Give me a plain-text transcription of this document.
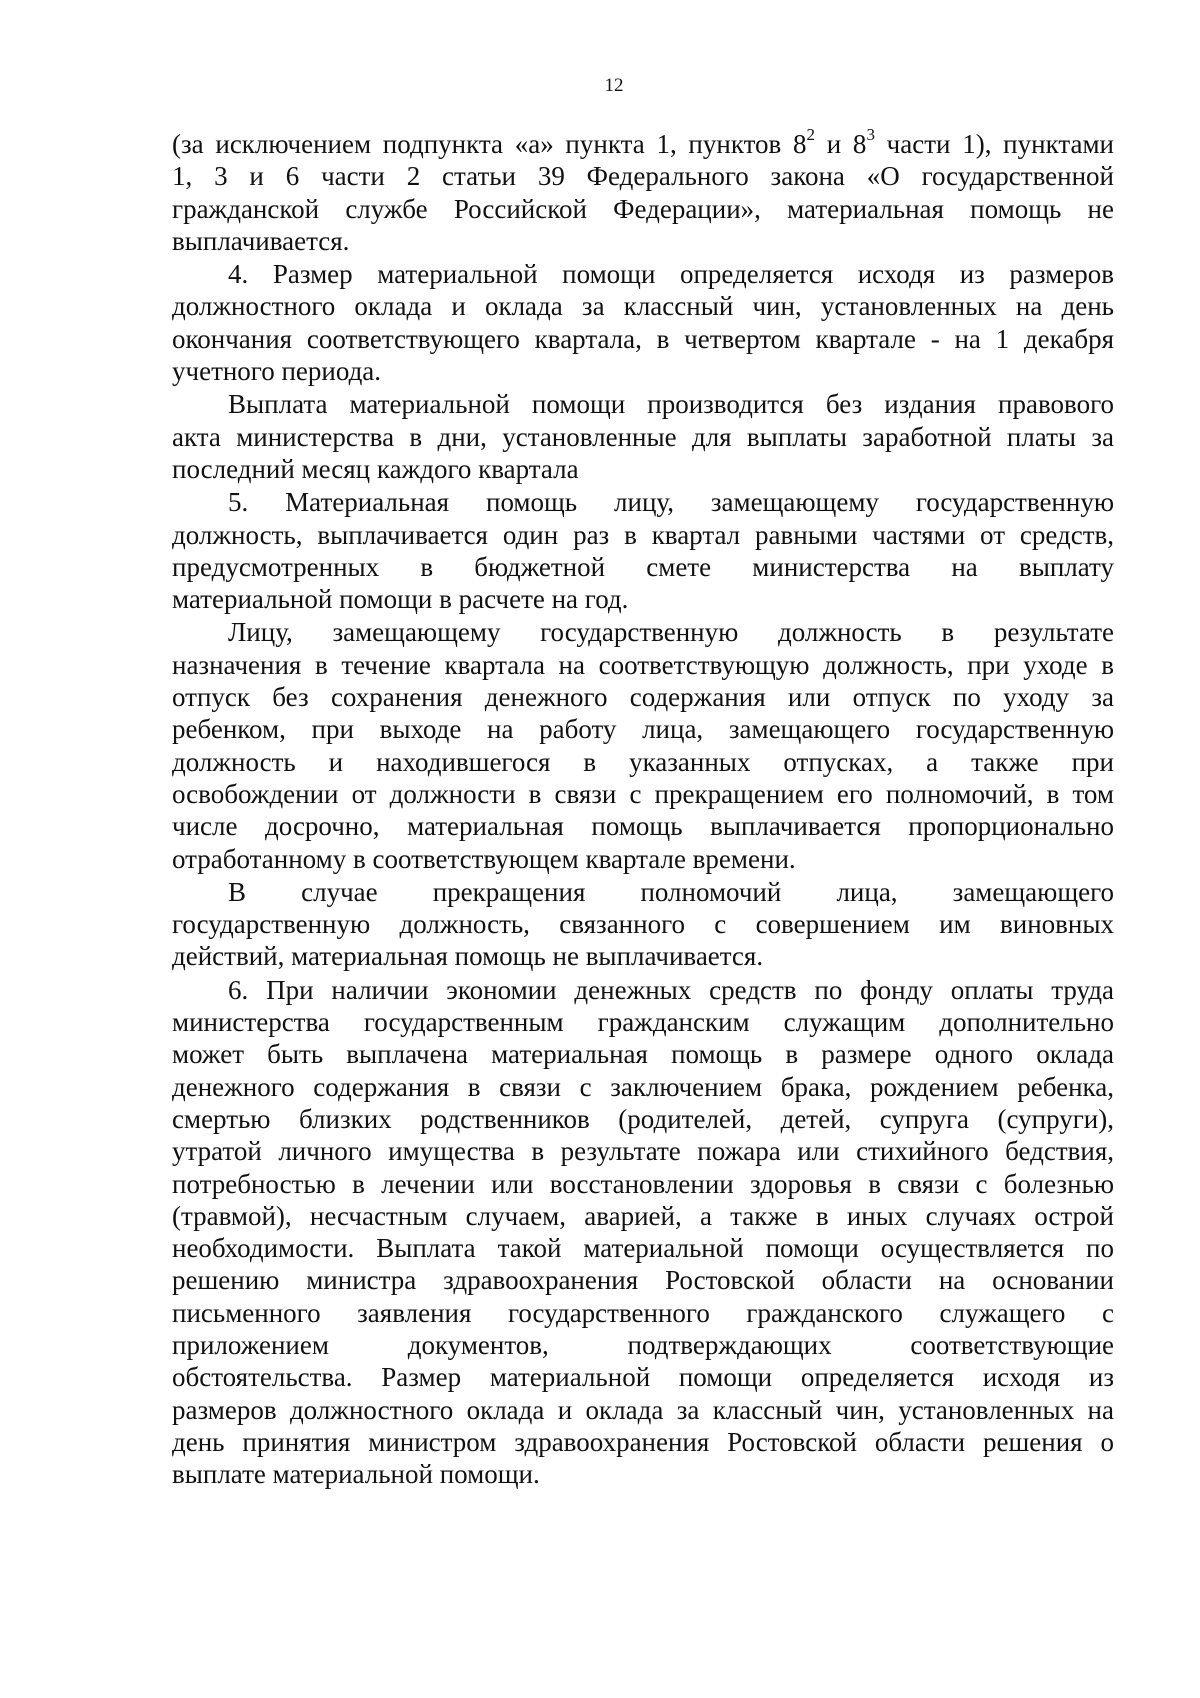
12
(за исключением подпункта «а» пункта 1, пунктов $8^2$ и $8^3$ части 1), пунктами
1, 3 и 6 части 2 статьи 39 Федерального закона «О государственной
гражданской службе Российской Федерации», материальная помощь не
выплачивается.
4. Размер материальной помощи определяется исходя из размеров
должностного оклада и оклада за классный чин, установленных на день
окончания соответствующего квартала, в четвертом квартале - на 1 декабря
учетного периода.
Выплата материальной помощи производится без издания правового
акта министерства в дни, установленные для выплаты заработной платы за
последний месяц каждого квартала
5. Материальная помощь лицу, замещающему государственную
должность, выплачивается один раз в квартал равными частями от средств,
предусмотренных в бюджетной смете министерства на выплату
материальной помощи в расчете на год.
Лицу, замещающему государственную должность в результате
назначения в течение квартала на соответствующую должность, при уходе в
отпуск без сохранения денежного содержания или отпуск по уходу за
ребенком, при выходе на работу лица, замещающего государственную
должность и находившегося в указанных отпусках, а также при
освобождении от должности в связи с прекращением его полномочий, в том
числе досрочно, материальная помощь выплачивается пропорционально
отработанному в соответствующем квартале времени.
В случае прекращения полномочий лица, замещающего
государственную должность, связанного с совершением им виновных
действий, материальная помощь не выплачивается.
6. При наличии экономии денежных средств по фонду оплаты труда
министерства государственным гражданским служащим дополнительно
может быть выплачена материальная помощь в размере одного оклада
денежного содержания в связи с заключением брака, рождением ребенка,
смертью близких родственников (родителей, детей, супруга (супруги),
утратой личного имущества в результате пожара или стихийного бедствия,
потребностью в лечении или восстановлении здоровья в связи с болезнью
(травмой), несчастным случаем, аварией, а также в иных случаях острой
необходимости. Выплата такой материальной помощи осуществляется по
решению министра здравоохранения Ростовской области на основании
письменного заявления государственного гражданского служащего с
приложением документов, подтверждающих соответствующие
обстоятельства. Размер материальной помощи определяется исходя из
размеров должностного оклада и оклада за классный чин, установленных на
день принятия министром здравоохранения Ростовской области решения о
выплате материальной помощи.
